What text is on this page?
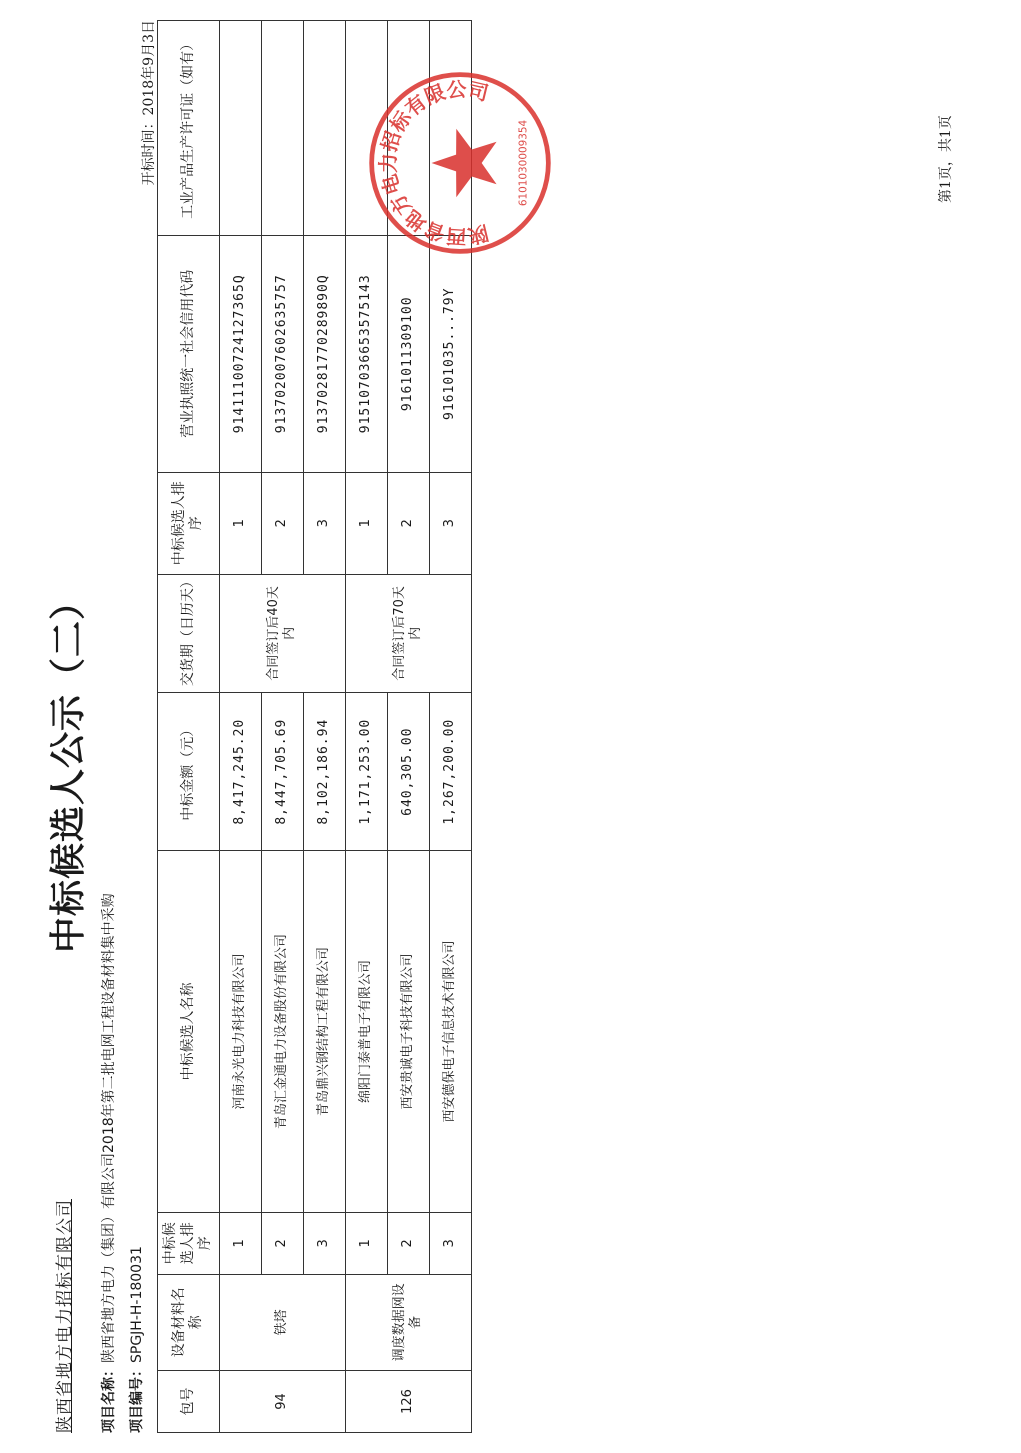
陕西省地方电力招标有限公司
中标候选人公示（二）
项目名称：陕西省地方电力（集团）有限公司2018年第二批电网工程设备材料集中采购
项目编号：SPGJH-H-180031
开标时间：2018年9月3日
包号	设备材料名称	中标候选人排序	中标候选人名称	中标金额（元）	交货期（日历天）	中标候选人排序	营业执照统一社会信用代码	工业产品生产许可证（如有）
94	铁塔	1	河南永光电力科技有限公司	8,417,245.20	合同签订后40天内	1	91411100724127365Q	
		2	青岛汇金通电力设备股份有限公司	8,447,705.69		2	913702007602635757	
		3	青岛鼎兴钢结构工程有限公司	8,102,186.94		3	91370281770289890Q	
126	调度数据网设备	1	绵阳门泰普电子有限公司	1,171,253.00	合同签订后70天内	1	915107036653575143	
		2	西安贵诚电子科技有限公司	640,305.00		2	9161011309100	
		3	西安德保电子信息技术有限公司	1,267,200.00		3	916101035...79Y	
陕西省地方电力招标有限公司
6101030009354	第1页，共1页
